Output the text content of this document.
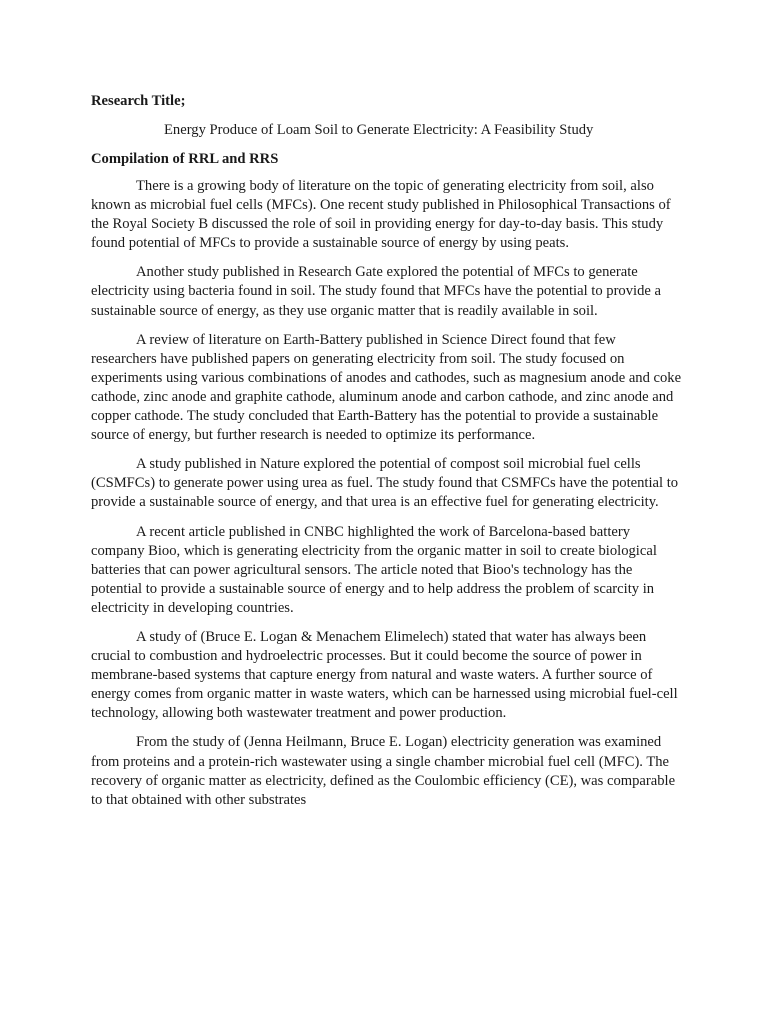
Research Title;

Energy Produce of Loam Soil to Generate Electricity: A Feasibility Study

Compilation of RRL and RRS

There is a growing body of literature on the topic of generating electricity from soil, also known as microbial fuel cells (MFCs). One recent study published in Philosophical Transactions of the Royal Society B discussed the role of soil in providing energy for day-to-day basis. This study found potential of MFCs to provide a sustainable source of energy by using peats.

Another study published in Research Gate explored the potential of MFCs to generate electricity using bacteria found in soil. The study found that MFCs have the potential to provide a sustainable source of energy, as they use organic matter that is readily available in soil.

A review of literature on Earth-Battery published in Science Direct found that few researchers have published papers on generating electricity from soil. The study focused on experiments using various combinations of anodes and cathodes, such as magnesium anode and coke cathode, zinc anode and graphite cathode, aluminum anode and carbon cathode, and zinc anode and copper cathode. The study concluded that Earth-Battery has the potential to provide a sustainable source of energy, but further research is needed to optimize its performance.

A study published in Nature explored the potential of compost soil microbial fuel cells (CSMFCs) to generate power using urea as fuel. The study found that CSMFCs have the potential to provide a sustainable source of energy, and that urea is an effective fuel for generating electricity.

A recent article published in CNBC highlighted the work of Barcelona-based battery company Bioo, which is generating electricity from the organic matter in soil to create biological batteries that can power agricultural sensors. The article noted that Bioo's technology has the potential to provide a sustainable source of energy and to help address the problem of scarcity in electricity in developing countries.

A study of (Bruce E. Logan & Menachem Elimelech) stated that water has always been crucial to combustion and hydroelectric processes. But it could become the source of power in membrane-based systems that capture energy from natural and waste waters. A further source of energy comes from organic matter in waste waters, which can be harnessed using microbial fuel-cell technology, allowing both wastewater treatment and power production.

From the study of (Jenna Heilmann, Bruce E. Logan) electricity generation was examined from proteins and a protein-rich wastewater using a single chamber microbial fuel cell (MFC). The recovery of organic matter as electricity, defined as the Coulombic efficiency (CE), was comparable to that obtained with other substrates
